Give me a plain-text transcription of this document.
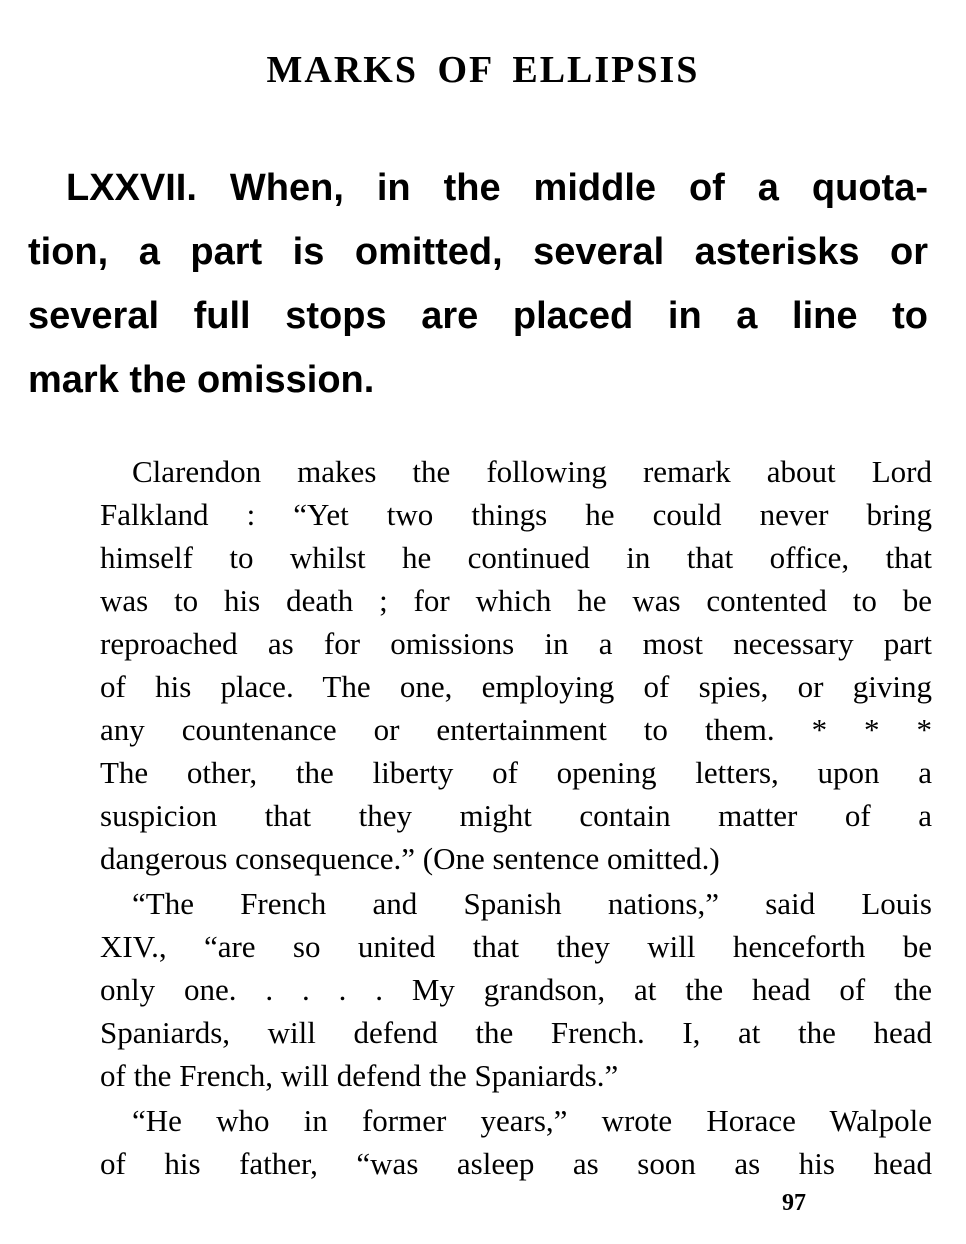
MARKS OF ELLIPSIS
LXXVII. When, in the middle of a quota-
tion, a part is omitted, several asterisks or
several full stops are placed in a line to
mark the omission.
Clarendon makes the following remark about Lord
Falkland : “Yet two things he could never bring
himself to whilst he continued in that office, that
was to his death ; for which he was contented to be
reproached as for omissions in a most necessary part
of his place. The one, employing of spies, or giving
any countenance or entertainment to them. * * *
The other, the liberty of opening letters, upon a
suspicion that they might contain matter of a
dangerous consequence.” (One sentence omitted.)
“The French and Spanish nations,” said Louis
XIV., “are so united that they will henceforth be
only one. . . . . My grandson, at the head of the
Spaniards, will defend the French. I, at the head
of the French, will defend the Spaniards.”
“He who in former years,” wrote Horace Walpole
of his father, “was asleep as soon as his head
97
